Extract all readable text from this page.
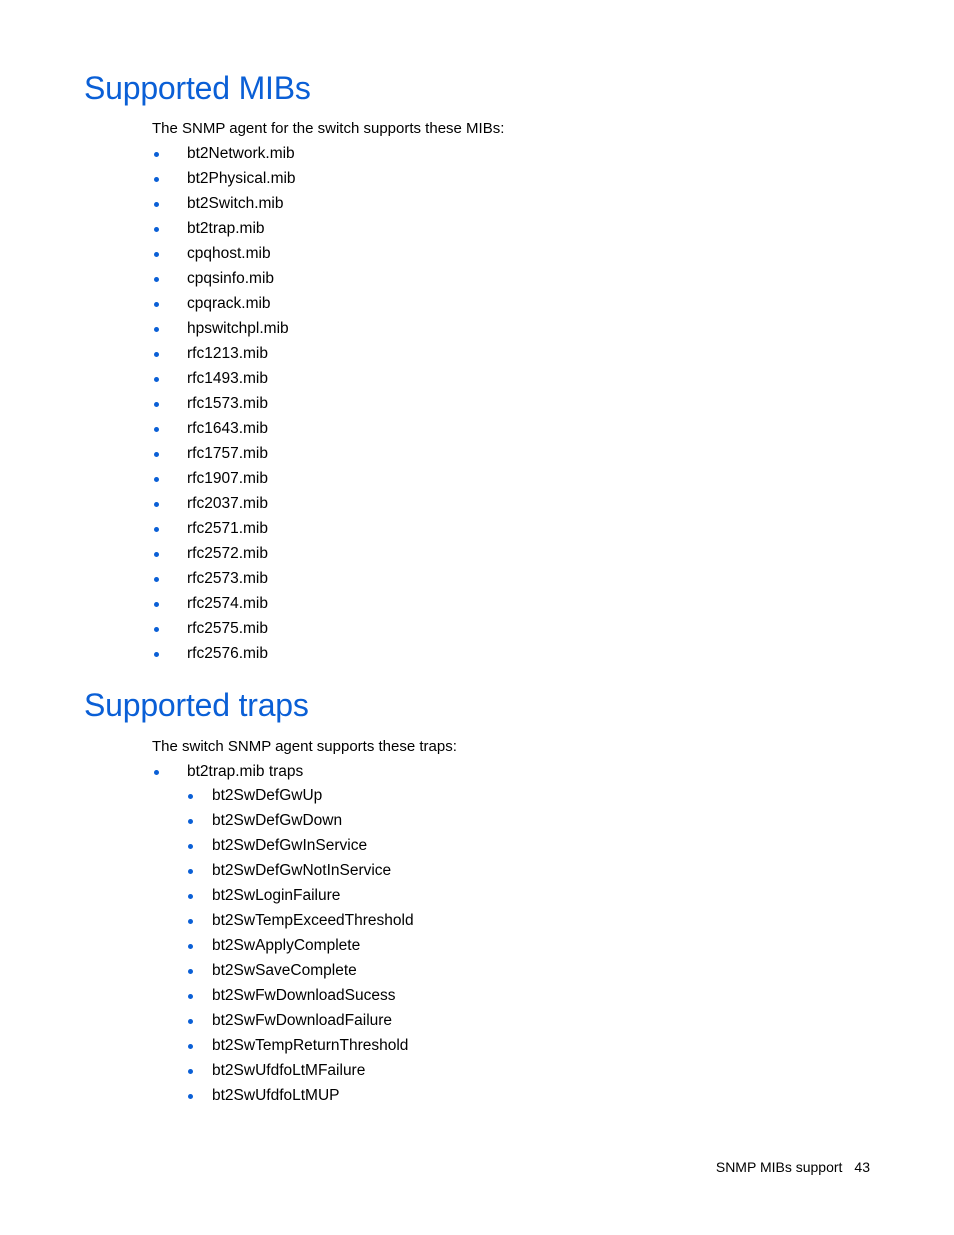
Supported MIBs

The SNMP agent for the switch supports these MIBs:

bt2Network.mib
bt2Physical.mib
bt2Switch.mib
bt2trap.mib
cpqhost.mib
cpqsinfo.mib
cpqrack.mib
hpswitchpl.mib
rfc1213.mib
rfc1493.mib
rfc1573.mib
rfc1643.mib
rfc1757.mib
rfc1907.mib
rfc2037.mib
rfc2571.mib
rfc2572.mib
rfc2573.mib
rfc2574.mib
rfc2575.mib
rfc2576.mib
Supported traps

The switch SNMP agent supports these traps:

bt2trap.mib traps
bt2SwDefGwUp
bt2SwDefGwDown
bt2SwDefGwInService
bt2SwDefGwNotInService
bt2SwLoginFailure
bt2SwTempExceedThreshold
bt2SwApplyComplete
bt2SwSaveComplete
bt2SwFwDownloadSucess
bt2SwFwDownloadFailure
bt2SwTempReturnThreshold
bt2SwUfdfoLtMFailure
bt2SwUfdfoLtMUP
SNMP MIBs support 43
